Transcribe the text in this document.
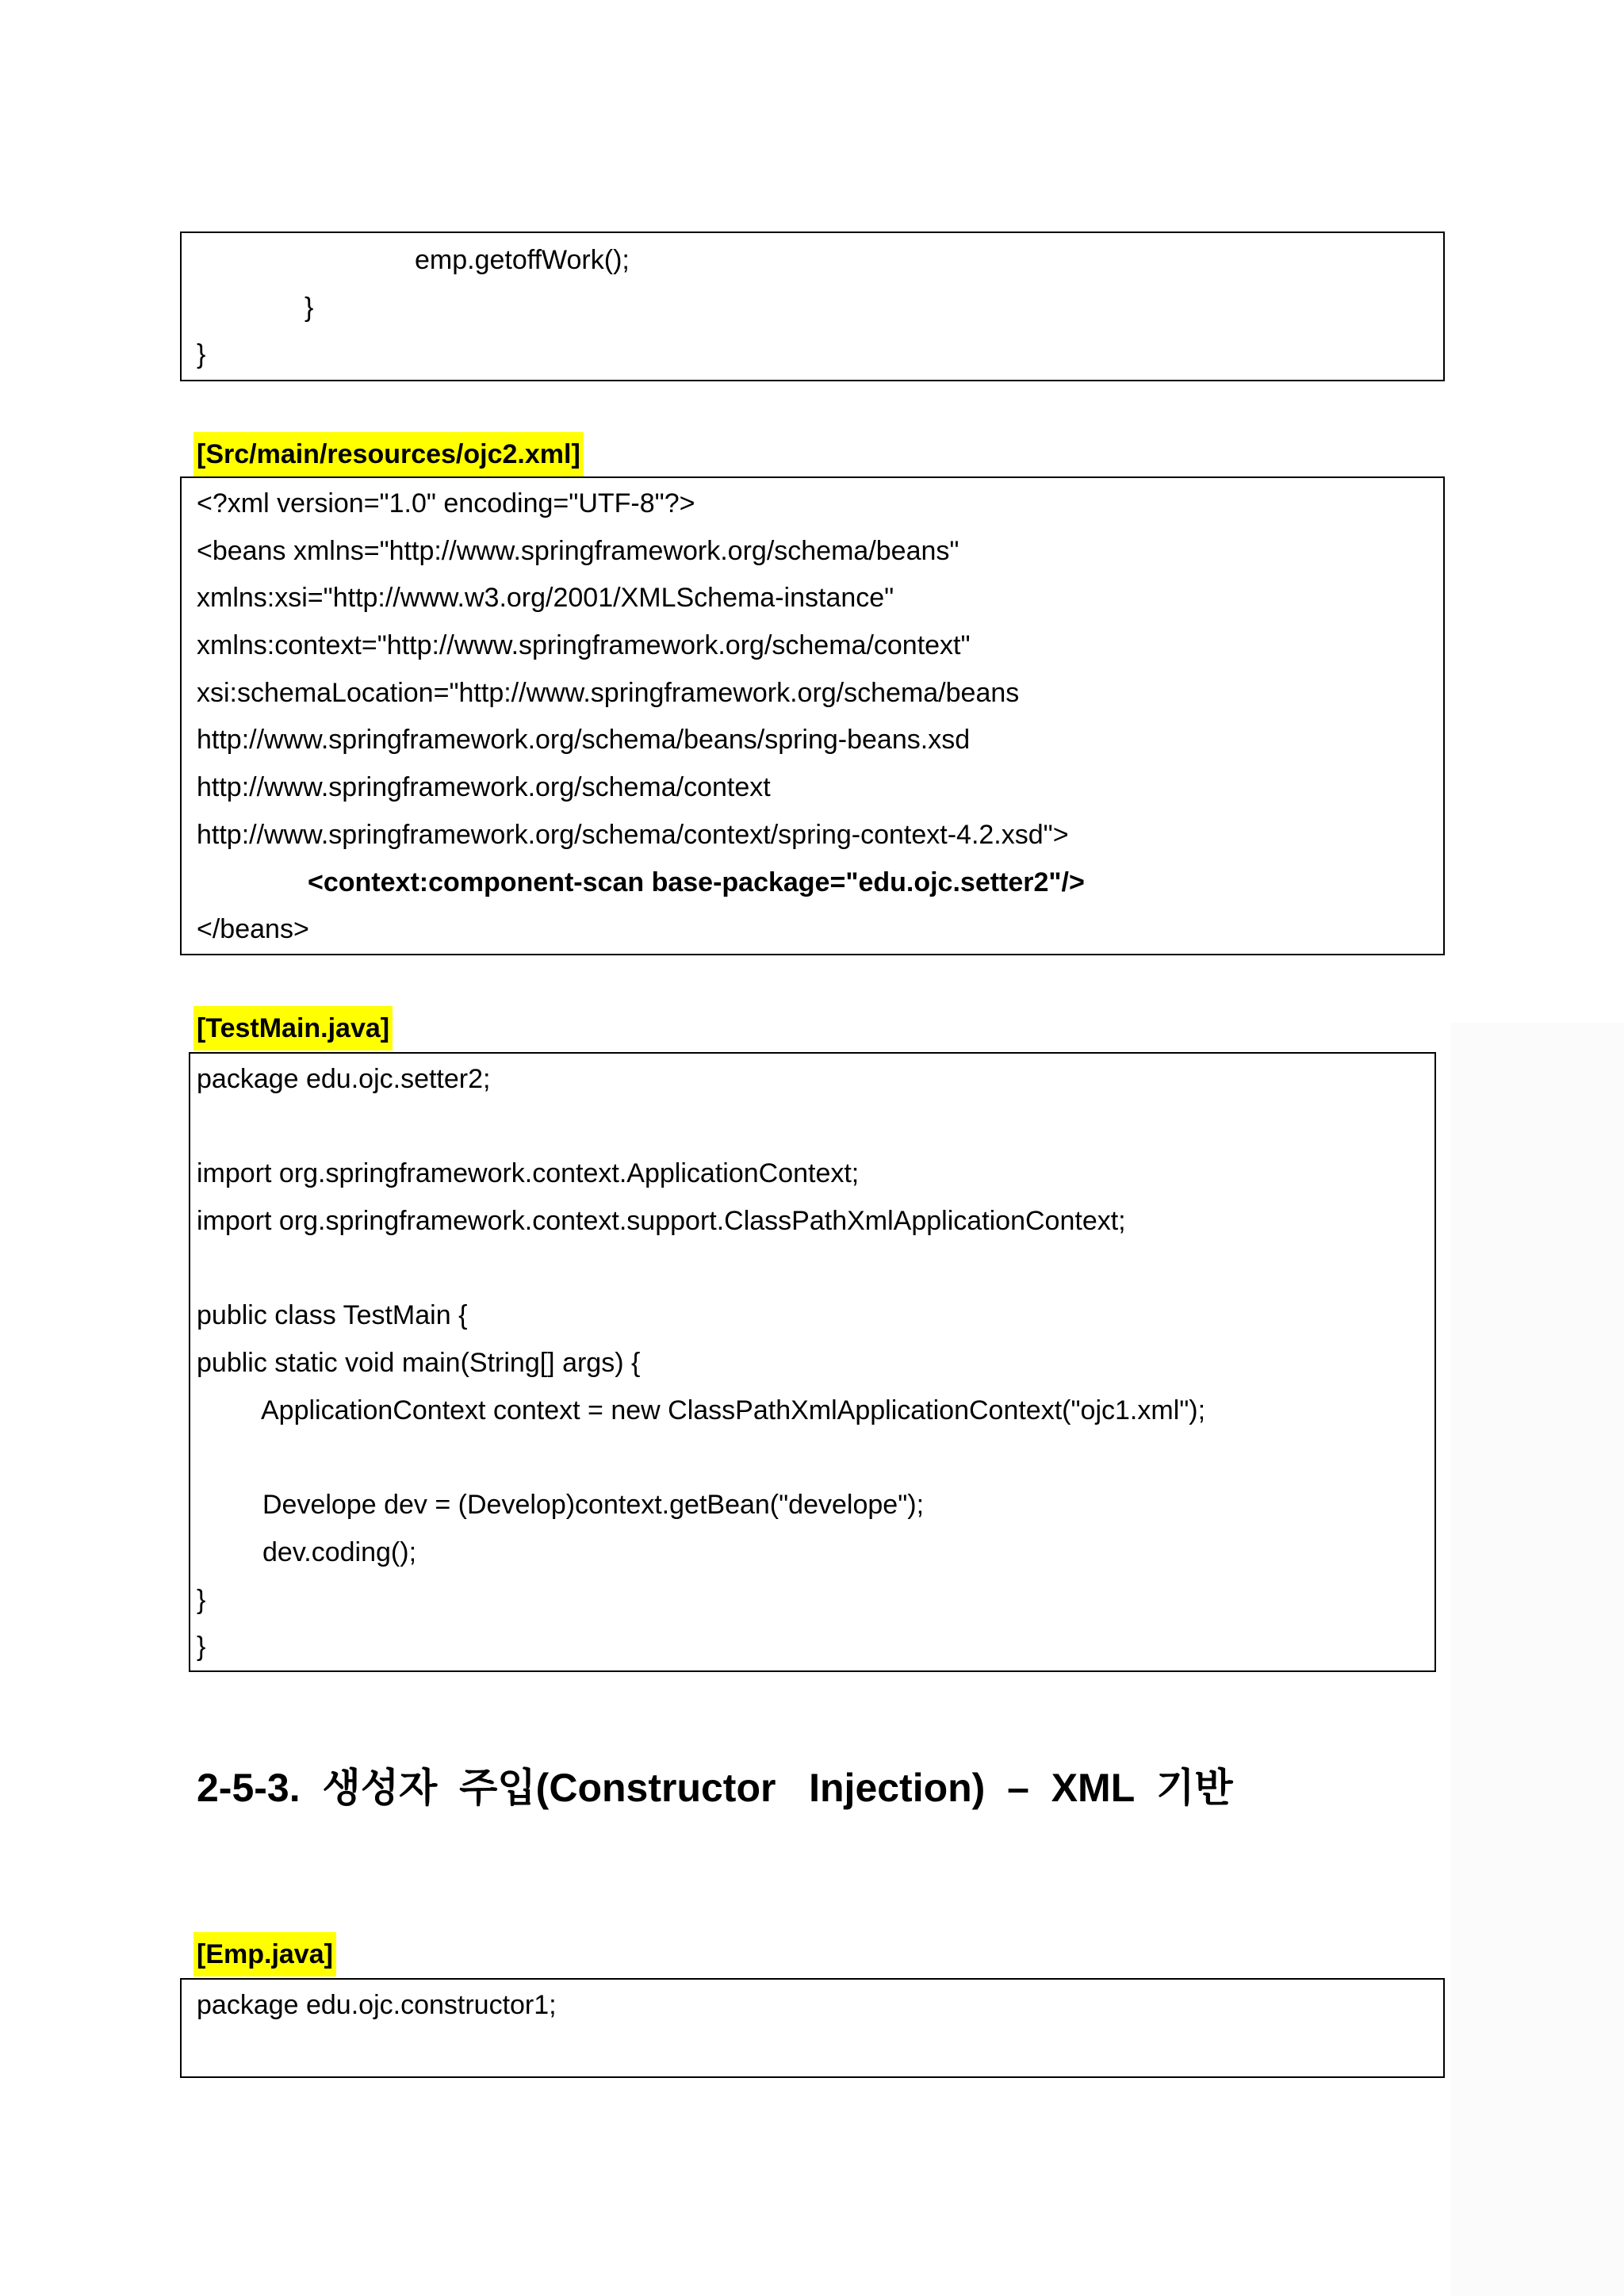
emp.getoffWork();
}
}
[Src/main/resources/ojc2.xml]
<?xml version="1.0" encoding="UTF-8"?>
<beans xmlns="http://www.springframework.org/schema/beans"
xmlns:xsi="http://www.w3.org/2001/XMLSchema-instance"
xmlns:context="http://www.springframework.org/schema/context"
xsi:schemaLocation="http://www.springframework.org/schema/beans
http://www.springframework.org/schema/beans/spring-beans.xsd
http://www.springframework.org/schema/context
http://www.springframework.org/schema/context/spring-context-4.2.xsd">
<context:component-scan base-package="edu.ojc.setter2"/>
</beans>
[TestMain.java]
package edu.ojc.setter2;
import org.springframework.context.ApplicationContext;
import org.springframework.context.support.ClassPathXmlApplicationContext;
public class TestMain {
public static void main(String[] args) {
ApplicationContext context = new ClassPathXmlApplicationContext("ojc1.xml");
Develope dev = (Develop)context.getBean("develope");
dev.coding();
}
}
2-5-3.  생성자  주입(Constructor   Injection)  –  XML  기반
[Emp.java]
package edu.ojc.constructor1;
